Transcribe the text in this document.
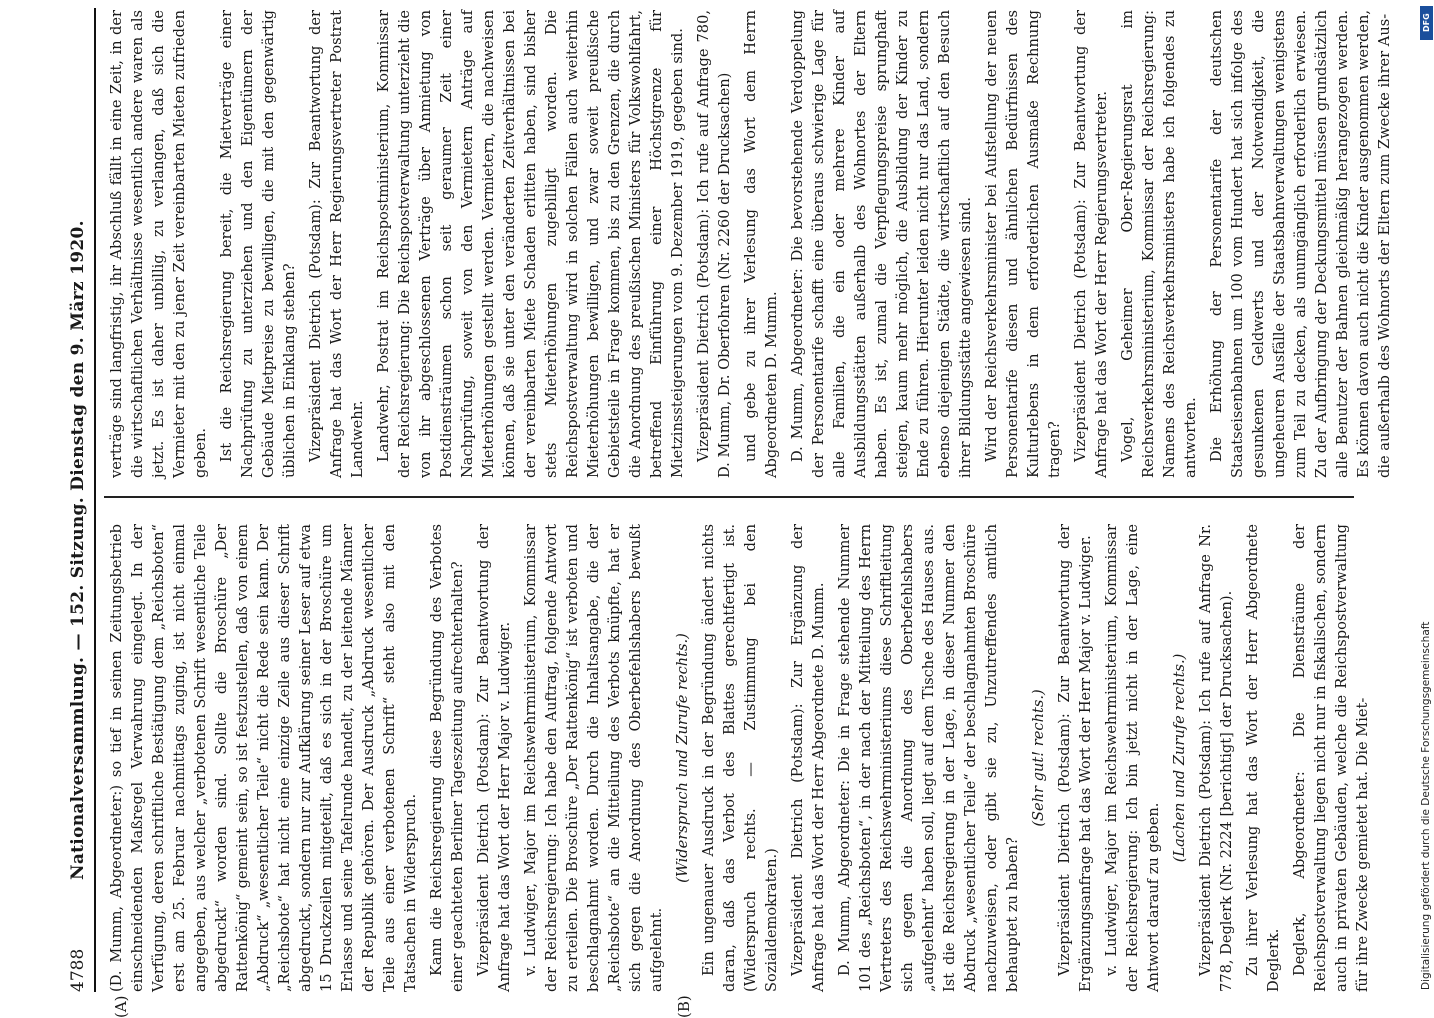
4788
Nationalversammlung. — 152. Sitzung. Dienstag den 9. März 1920.
(A)	(B)

(D. Mumm, Abgeordneter:) so tief in seinen Zeitungsbetrieb einschneidenden Maßregel Verwahrung eingelegt. In der Verfügung, deren schriftliche Bestätigung dem „Reichsboten“ erst am 25. Februar nachmittags zuging, ist nicht einmal angegeben, aus welcher „verbotenen Schrift wesentliche Teile abgedruckt“ worden sind. Sollte die Broschüre „Der Rattenkönig“ gemeint sein, so ist festzustellen, daß von einem „Abdruck“ „wesentlicher Teile“ nicht die Rede sein kann. Der „Reichsbote“ hat nicht eine einzige Zeile aus dieser Schrift abgedruckt, sondern nur zur Aufklärung seiner Leser auf etwa 15 Druckzeilen mitgeteilt, daß es sich in der Broschüre um Erlasse und seine Tafelrunde handelt, zu der leitende Männer der Republik gehören. Der Ausdruck „Abdruck wesentlicher Teile aus einer verbotenen Schrift“ steht also mit den Tatsachen in Widerspruch. Kann die Reichsregierung diese Begründung des Verbotes einer geachteten Berliner Tageszeitung aufrechterhalten? Vizepräsident Dietrich (Potsdam): Zur Beantwortung der Anfrage hat das Wort der Herr Major v. Ludwiger. v. Ludwiger, Major im Reichswehrministerium, Kommissar der Reichsregierung: Ich habe den Auftrag, folgende Antwort zu erteilen. Die Broschüre „Der Rattenkönig“ ist verboten und beschlagnahmt worden. Durch die Inhaltsangabe, die der „Reichsbote“ an die Mitteilung des Verbots knüpfte, hat er sich gegen die Anordnung des Oberbefehlshabers bewußt aufgelehnt.

(Widerspruch und Zurufe rechts.) Ein ungenauer Ausdruck in der Begründung ändert nichts daran, daß das Verbot des Blattes gerechtfertigt ist. (Widerspruch rechts. — Zustimmung bei den Sozialdemokraten.) Vizepräsident Dietrich (Potsdam): Zur Ergänzung der Anfrage hat das Wort der Herr Abgeordnete D. Mumm. D. Mumm, Abgeordneter: Die in Frage stehende Nummer 101 des „Reichsboten“, in der nach der Mitteilung des Herrn Vertreters des Reichswehrministeriums diese Schriftleitung sich gegen die Anordnung des Oberbefehlshabers „aufgelehnt“ haben soll, liegt auf dem Tische des Hauses aus. Ist die Reichsregierung in der Lage, in dieser Nummer den Abdruck „wesentlicher Teile“ der beschlagnahmten Broschüre nachzuweisen, oder gibt sie zu, Unzutreffendes amtlich behauptet zu haben?

(Sehr gut! rechts.) Vizepräsident Dietrich (Potsdam): Zur Beantwortung der Ergänzungsanfrage hat das Wort der Herr Major v. Ludwiger. v. Ludwiger, Major im Reichswehrministerium, Kommissar der Reichsregierung: Ich bin jetzt nicht in der Lage, eine Antwort darauf zu geben.

(Lachen und Zurufe rechts.) Vizepräsident Dietrich (Potsdam): Ich rufe auf Anfrage Nr. 778, Deglerk (Nr. 2224 [berichtigt] der Drucksachen). Zu ihrer Verlesung hat das Wort der Herr Abgeordnete Deglerk. Deglerk, Abgeordneter: Die Diensträume der Reichspostverwaltung liegen nicht nur in fiskalischen, sondern auch in privaten Gebäuden, welche die Reichspostverwaltung für ihre Zwecke gemietet hat. Die Miet-

verträge sind langfristig, ihr Abschluß fällt in eine Zeit, in der die wirtschaftlichen Verhältnisse wesentlich andere waren als jetzt. Es ist daher unbillig, zu verlangen, daß sich die Vermieter mit den zu jener Zeit vereinbarten Mieten zufrieden geben. Ist die Reichsregierung bereit, die Mietverträge einer Nachprüfung zu unterziehen und den Eigentümern der Gebäude Mietpreise zu bewilligen, die mit den gegenwärtig üblichen in Einklang stehen? Vizepräsident Dietrich (Potsdam): Zur Beantwortung der Anfrage hat das Wort der Herr Regierungsvertreter Postrat Landwehr. Landwehr, Postrat im Reichspostministerium, Kommissar der Reichsregierung: Die Reichspostverwaltung unterzieht die von ihr abgeschlossenen Verträge über Anmietung von Postdiensträumen schon seit geraumer Zeit einer Nachprüfung, soweit von den Vermietern Anträge auf Mieterhöhungen gestellt werden. Vermietern, die nachweisen können, daß sie unter den veränderten Zeitverhältnissen bei der vereinbarten Miete Schaden erlitten haben, sind bisher stets Mieterhöhungen zugebilligt worden. Die Reichspostverwaltung wird in solchen Fällen auch weiterhin Mieterhöhungen bewilligen, und zwar soweit preußische Gebietsteile in Frage kommen, bis zu den Grenzen, die durch die Anordnung des preußischen Ministers für Volkswohlfahrt, betreffend Einführung einer Höchstgrenze für Mietzinssteigerungen vom 9. Dezember 1919, gegeben sind. Vizepräsident Dietrich (Potsdam): Ich rufe auf Anfrage 780, D. Mumm, Dr. Oberfohren (Nr. 2260 der Drucksachen) und gebe zu ihrer Verlesung das Wort dem Herrn Abgeordneten D. Mumm. D. Mumm, Abgeordneter: Die bevorstehende Verdoppelung der Personentarife schafft eine überaus schwierige Lage für alle Familien, die ein oder mehrere Kinder auf Ausbildungsstätten außerhalb des Wohnortes der Eltern haben. Es ist, zumal die Verpflegungspreise sprunghaft steigen, kaum mehr möglich, die Ausbildung der Kinder zu Ende zu führen. Hierunter leiden nicht nur das Land, sondern ebenso diejenigen Städte, die wirtschaftlich auf den Besuch ihrer Bildungsstätte angewiesen sind. Wird der Reichsverkehrsminister bei Aufstellung der neuen Personentarife diesen und ähnlichen Bedürfnissen des Kulturlebens in dem erforderlichen Ausmaße Rechnung tragen? Vizepräsident Dietrich (Potsdam): Zur Beantwortung der Anfrage hat das Wort der Herr Regierungsvertreter. Vogel, Geheimer Ober-Regierungsrat im Reichsverkehrsministerium, Kommissar der Reichsregierung: Namens des Reichsverkehrsministers habe ich folgendes zu antworten. Die Erhöhung der Personentarife der deutschen Staatseisenbahnen um 100 vom Hundert hat sich infolge des gesunkenen Geldwerts und der Notwendigkeit, die ungeheuren Ausfälle der Staatsbahnverwaltungen wenigstens zum Teil zu decken, als unumgänglich erforderlich erwiesen. Zu der Aufbringung der Deckungsmittel müssen grundsätzlich alle Benutzer der Bahnen gleichmäßig herangezogen werden. Es können davon auch nicht die Kinder ausgenommen werden, die außerhalb des Wohnorts der Eltern zum Zwecke ihrer Aus-

Digitalisierung gefördert durch die Deutsche Forschungsgemeinschaft
DFG
